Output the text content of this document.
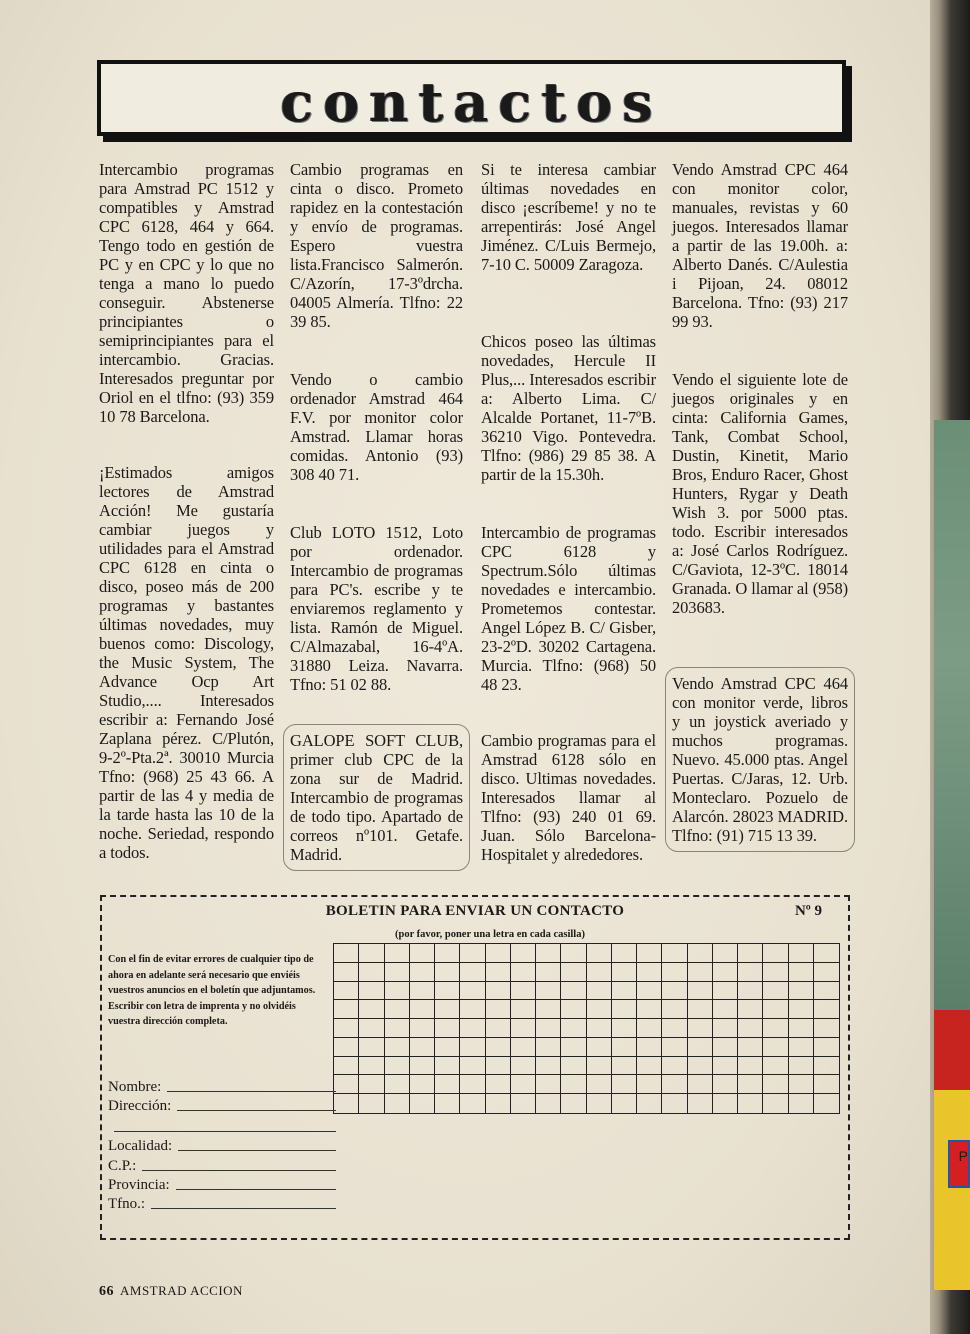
P
contactos

Intercambio programas para Amstrad PC 1512 y compatibles y Amstrad CPC 6128, 464 y 664. Tengo todo en gestión de PC y en CPC y lo que no tenga a mano lo puedo conseguir. Abstenerse principiantes o semiprincipiantes para el intercambio. Gracias. Interesados preguntar por Oriol en el tlfno: (93) 359 10 78 Barcelona.

¡Estimados amigos lectores de Amstrad Acción! Me gustaría cambiar juegos y utilidades para el Amstrad CPC 6128 en cinta o disco, poseo más de 200 programas y bastantes últimas novedades, muy buenos como: Discology, the Music System, The Advance Ocp Art Studio,.... Interesados escribir a: Fernando José Zaplana pérez. C/Plutón, 9-2º-Pta.2ª. 30010 Murcia Tfno: (968) 25 43 66. A partir de las 4 y media de la tarde hasta las 10 de la noche. Seriedad, respondo a todos.

Cambio programas en cinta o disco. Prometo rapidez en la contestación y envío de programas. Espero vuestra lista.Francisco Salmerón. C/Azorín, 17-3ºdrcha. 04005 Almería. Tlfno: 22 39 85.

Vendo o cambio ordenador Amstrad 464 F.V. por monitor color Amstrad. Llamar horas comidas. Antonio (93) 308 40 71.

Club LOTO 1512, Loto por ordenador. Intercambio de programas para PC's. escribe y te enviaremos reglamento y lista. Ramón de Miguel. C/Almazabal, 16-4ºA. 31880 Leiza. Navarra. Tfno: 51 02 88.

GALOPE SOFT CLUB, primer club CPC de la zona sur de Madrid. Intercambio de programas de todo tipo. Apartado de correos nº101. Getafe. Madrid.

Si te interesa cambiar últimas novedades en disco ¡escríbeme! y no te arrepentirás: José Angel Jiménez. C/Luis Bermejo, 7-10 C. 50009 Zaragoza.

Chicos poseo las últimas novedades, Hercule II Plus,... Interesados escribir a: Alberto Lima. C/ Alcalde Portanet, 11-7ºB. 36210 Vigo. Pontevedra. Tlfno: (986) 29 85 38. A partir de la 15.30h.

Intercambio de programas CPC 6128 y Spectrum.Sólo últimas novedades e intercambio. Prometemos contestar. Angel López B. C/ Gisber, 23-2ºD. 30202 Cartagena. Murcia. Tlfno: (968) 50 48 23.

Cambio programas para el Amstrad 6128 sólo en disco. Ultimas novedades. Interesados llamar al Tlfno: (93) 240 01 69. Juan. Sólo Barcelona-Hospitalet y alrededores.

Vendo Amstrad CPC 464 con monitor color, manuales, revistas y 60 juegos. Interesados llamar a partir de las 19.00h. a: Alberto Danés. C/Aulestia i Pijoan, 24. 08012 Barcelona. Tfno: (93) 217 99 93.

Vendo el siguiente lote de juegos originales y en cinta: California Games, Tank, Combat School, Dustin, Kinetit, Mario Bros, Enduro Racer, Ghost Hunters, Rygar y Death Wish 3. por 5000 ptas. todo. Escribir interesados a: José Carlos Rodríguez. C/Gaviota, 12-3ºC. 18014 Granada. O llamar al (958) 203683.

Vendo Amstrad CPC 464 con monitor verde, libros y un joystick averiado y muchos programas. Nuevo. 45.000 ptas. Angel Puertas. C/Jaras, 12. Urb. Monteclaro. Pozuelo de Alarcón. 28023 MADRID. Tlfno: (91) 715 13 39.

BOLETIN PARA ENVIAR UN CONTACTO	Nº 9
(por favor, poner una letra en cada casilla)
Con el fin de evitar errores de cualquier tipo de ahora en adelante será necesario que enviéis vuestros anuncios en el boletín que adjuntamos. Escribir con letra de imprenta y no olvidéis vuestra dirección completa.
Nombre:
Dirección:
Localidad:
C.P.:
Provincia:
Tfno.:
66 AMSTRAD ACCION
